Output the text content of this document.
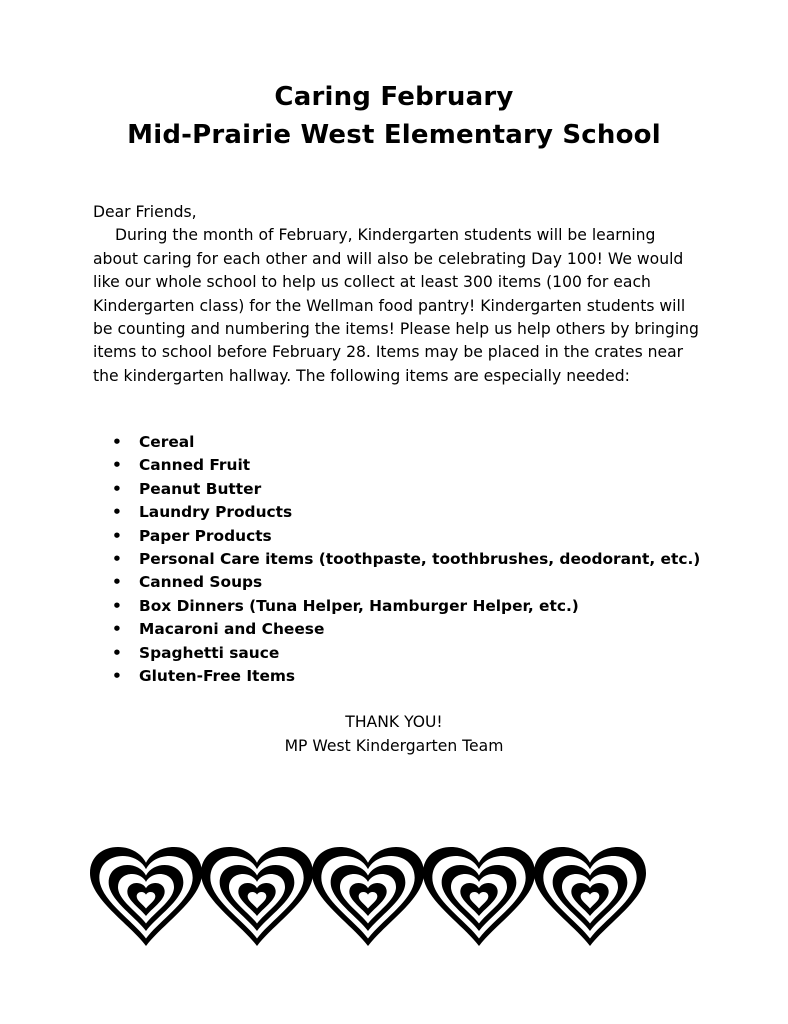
Caring February
Mid-Prairie West Elementary School

Dear Friends,

During the month of February, Kindergarten students will be learning about caring for each other and will also be celebrating Day 100! We would like our whole school to help us collect at least 300 items (100 for each Kindergarten class) for the Wellman food pantry! Kindergarten students will be counting and numbering the items! Please help us help others by bringing items to school before February 28. Items may be placed in the crates near the kindergarten hallway. The following items are especially needed:

• Cereal
• Canned Fruit
• Peanut Butter
• Laundry Products
• Paper Products
• Personal Care items (toothpaste, toothbrushes, deodorant, etc.)
• Canned Soups
• Box Dinners (Tuna Helper, Hamburger Helper, etc.)
• Macaroni and Cheese
• Spaghetti sauce
• Gluten-Free Items
THANK YOU!
MP West Kindergarten Team
